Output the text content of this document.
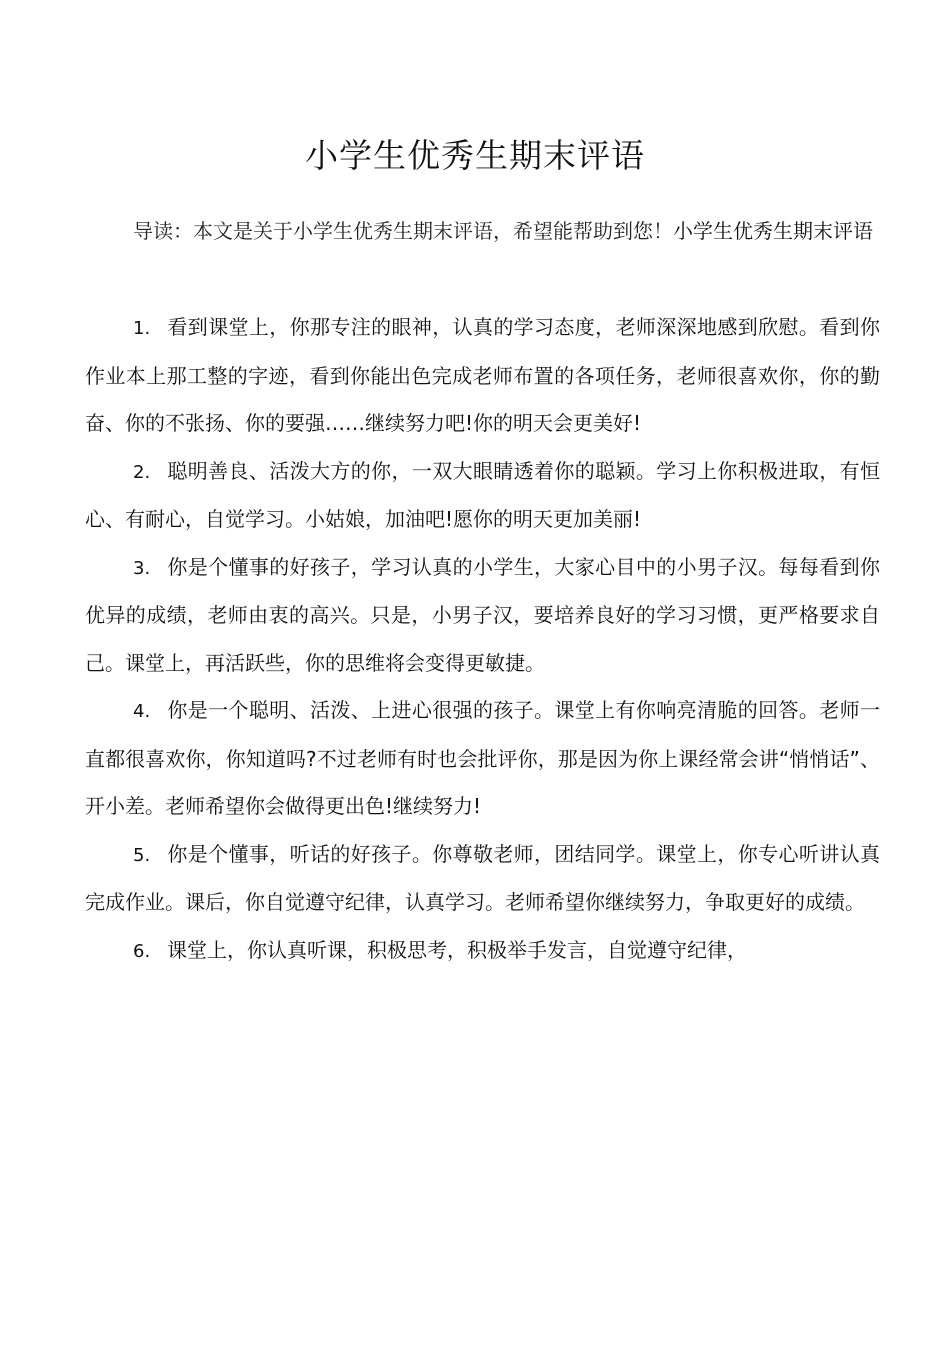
小学生优秀生期末评语
导读：本文是关于小学生优秀生期末评语，希望能帮助到您！小学生优秀生期末评语

1. 看到课堂上，你那专注的眼神，认真的学习态度，老师深深地感到欣慰。看到你作业本上那工整的字迹，看到你能出色完成老师布置的各项任务，老师很喜欢你，你的勤奋、你的不张扬、你的要强……继续努力吧!你的明天会更美好!

2. 聪明善良、活泼大方的你，一双大眼睛透着你的聪颖。学习上你积极进取，有恒心、有耐心，自觉学习。小姑娘，加油吧!愿你的明天更加美丽!

3. 你是个懂事的好孩子，学习认真的小学生，大家心目中的小男子汉。每每看到你优异的成绩，老师由衷的高兴。只是，小男子汉，要培养良好的学习习惯，更严格要求自己。课堂上，再活跃些，你的思维将会变得更敏捷。

4. 你是一个聪明、活泼、上进心很强的孩子。课堂上有你响亮清脆的回答。老师一直都很喜欢你，你知道吗?不过老师有时也会批评你，那是因为你上课经常会讲“悄悄话”、开小差。老师希望你会做得更出色!继续努力!

5. 你是个懂事，听话的好孩子。你尊敬老师，团结同学。课堂上，你专心听讲认真完成作业。课后，你自觉遵守纪律，认真学习。老师希望你继续努力，争取更好的成绩。

6. 课堂上，你认真听课，积极思考，积极举手发言，自觉遵守纪律，
